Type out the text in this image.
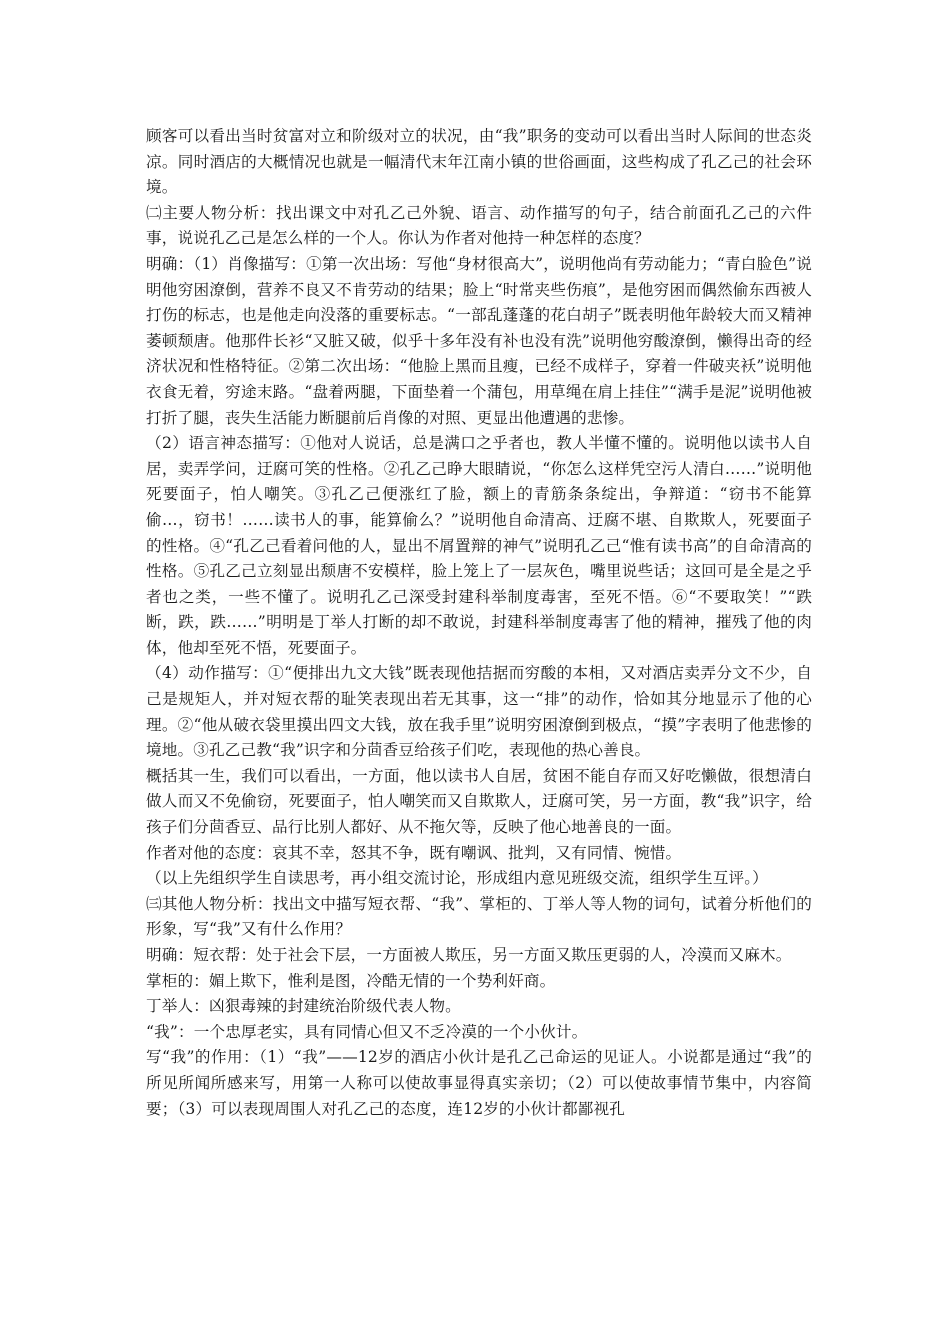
顾客可以看出当时贫富对立和阶级对立的状况，由“我”职务的变动可以看出当时人际间的世态炎凉。同时酒店的大概情况也就是一幅清代末年江南小镇的世俗画面，这些构成了孔乙己的社会环境。

㈡主要人物分析：找出课文中对孔乙己外貌、语言、动作描写的句子，结合前面孔乙己的六件事，说说孔乙己是怎么样的一个人。你认为作者对他持一种怎样的态度？

明确：（1）肖像描写：①第一次出场：写他“身材很高大”，说明他尚有劳动能力；“青白脸色”说明他穷困潦倒，营养不良又不肯劳动的结果；脸上“时常夹些伤痕”，是他穷困而偶然偷东西被人打伤的标志，也是他走向没落的重要标志。“一部乱蓬蓬的花白胡子”既表明他年龄较大而又精神萎顿颓唐。他那件长衫“又脏又破，似乎十多年没有补也没有洗”说明他穷酸潦倒，懒得出奇的经济状况和性格特征。②第二次出场：“他脸上黑而且瘦，已经不成样子，穿着一件破夹袄”说明他衣食无着，穷途末路。“盘着两腿，下面垫着一个蒲包，用草绳在肩上挂住”“满手是泥”说明他被打折了腿，丧失生活能力断腿前后肖像的对照、更显出他遭遇的悲惨。

（2）语言神态描写：①他对人说话，总是满口之乎者也，教人半懂不懂的。说明他以读书人自居，卖弄学问，迂腐可笑的性格。②孔乙己睁大眼睛说，“你怎么这样凭空污人清白……”说明他死要面子，怕人嘲笑。③孔乙己便涨红了脸，额上的青筋条条绽出，争辩道：“窃书不能算偷…，窃书！……读书人的事，能算偷么？”说明他自命清高、迂腐不堪、自欺欺人，死要面子的性格。④“孔乙己看着问他的人，显出不屑置辩的神气”说明孔乙己“惟有读书高”的自命清高的性格。⑤孔乙己立刻显出颓唐不安模样，脸上笼上了一层灰色，嘴里说些话；这回可是全是之乎者也之类，一些不懂了。说明孔乙己深受封建科举制度毒害，至死不悟。⑥“不要取笑！”“跌断，跌，跌……”明明是丁举人打断的却不敢说，封建科举制度毒害了他的精神，摧残了他的肉体，他却至死不悟，死要面子。

（4）动作描写：①“便排出九文大钱”既表现他拮据而穷酸的本相，又对酒店卖弄分文不少，自己是规矩人，并对短衣帮的耻笑表现出若无其事，这一“排”的动作，恰如其分地显示了他的心理。②“他从破衣袋里摸出四文大钱，放在我手里”说明穷困潦倒到极点，“摸”字表明了他悲惨的境地。③孔乙己教“我”识字和分茴香豆给孩子们吃，表现他的热心善良。

概括其一生，我们可以看出，一方面，他以读书人自居，贫困不能自存而又好吃懒做，很想清白做人而又不免偷窃，死要面子，怕人嘲笑而又自欺欺人，迂腐可笑，另一方面，教“我”识字，给孩子们分茴香豆、品行比别人都好、从不拖欠等，反映了他心地善良的一面。

作者对他的态度：哀其不幸，怒其不争，既有嘲讽、批判，又有同情、惋惜。

（以上先组织学生自读思考，再小组交流讨论，形成组内意见班级交流，组织学生互评。）

㈢其他人物分析：找出文中描写短衣帮、“我”、掌柜的、丁举人等人物的词句，试着分析他们的形象，写“我”又有什么作用？

明确：短衣帮：处于社会下层，一方面被人欺压，另一方面又欺压更弱的人，冷漠而又麻木。

掌柜的：媚上欺下，惟利是图，冷酷无情的一个势利奸商。

丁举人：凶狠毒辣的封建统治阶级代表人物。

“我”：一个忠厚老实，具有同情心但又不乏冷漠的一个小伙计。

写“我”的作用：（1）“我”——12岁的酒店小伙计是孔乙己命运的见证人。小说都是通过“我”的所见所闻所感来写，用第一人称可以使故事显得真实亲切；（2）可以使故事情节集中，内容简要；（3）可以表现周围人对孔乙己的态度，连12岁的小伙计都鄙视孔
